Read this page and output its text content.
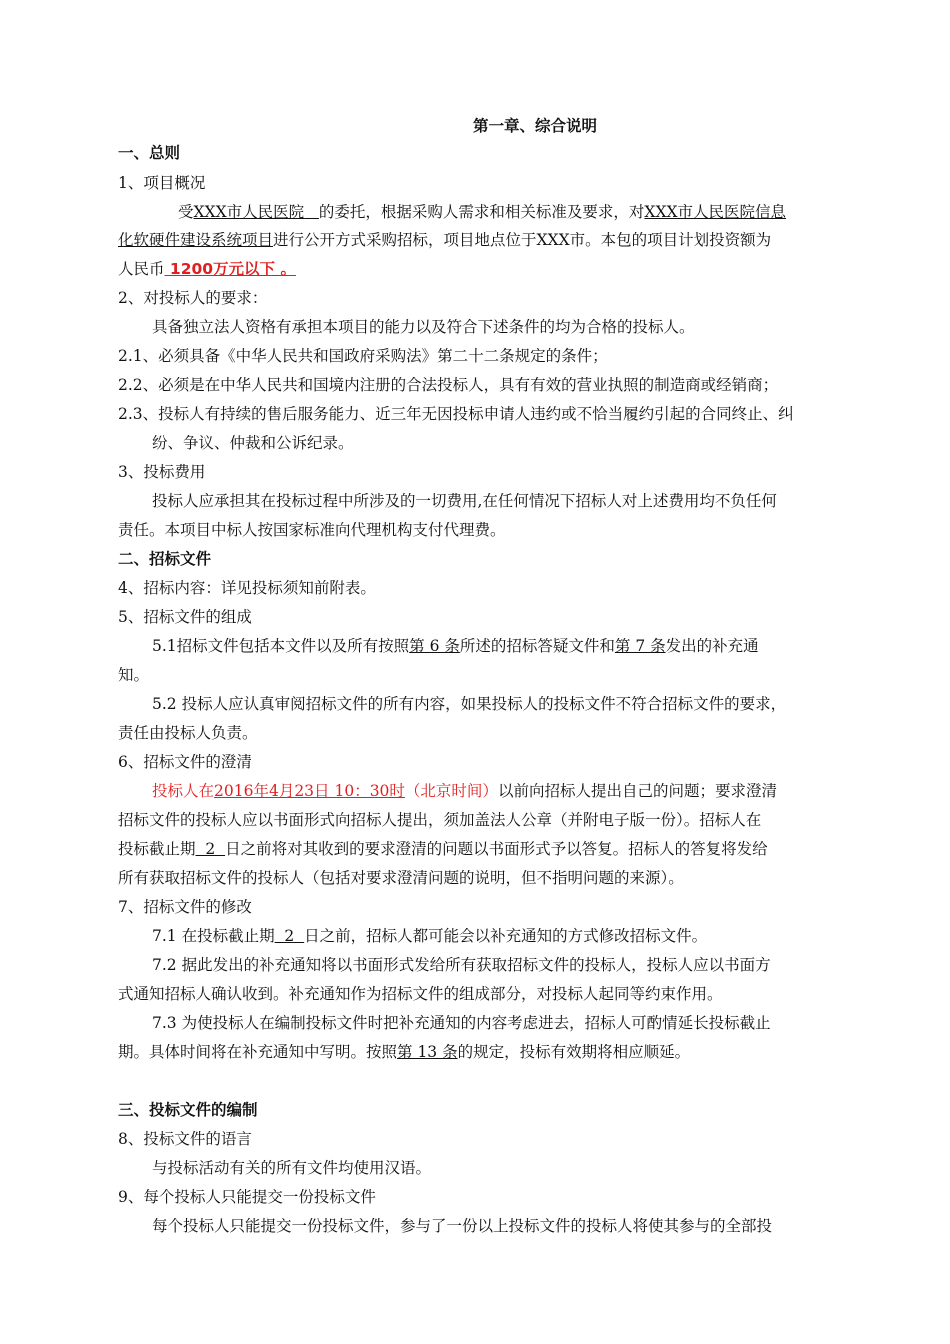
第一章、综合说明
一、总则
1、项目概况
受XXX市人民医院 的委托，根据采购人需求和相关标准及要求，对XXX市人民医院信息
化软硬件建设系统项目进行公开方式采购招标，项目地点位于XXX市。本包的项目计划投资额为
人民币 1200万元以下 。
2、对投标人的要求：
具备独立法人资格有承担本项目的能力以及符合下述条件的均为合格的投标人。
2.1、必须具备《中华人民共和国政府采购法》第二十二条规定的条件；
2.2、必须是在中华人民共和国境内注册的合法投标人，具有有效的营业执照的制造商或经销商；
2.3、投标人有持续的售后服务能力、近三年无因投标申请人违约或不恰当履约引起的合同终止、纠
纷、争议、仲裁和公诉纪录。
3、投标费用
投标人应承担其在投标过程中所涉及的一切费用,在任何情况下招标人对上述费用均不负任何
责任。本项目中标人按国家标准向代理机构支付代理费。
二、招标文件
4、招标内容：详见投标须知前附表。
5、招标文件的组成
5.1招标文件包括本文件以及所有按照第 6 条所述的招标答疑文件和第 7 条发出的补充通
知。
5.2 投标人应认真审阅招标文件的所有内容，如果投标人的投标文件不符合招标文件的要求，
责任由投标人负责。
6、招标文件的澄清
投标人在2016年4月23日 10：30时（北京时间）以前向招标人提出自己的问题；要求澄清
招标文件的投标人应以书面形式向招标人提出，须加盖法人公章（并附电子版一份）。招标人在
投标截止期  2  日之前将对其收到的要求澄清的问题以书面形式予以答复。招标人的答复将发给
所有获取招标文件的投标人（包括对要求澄清问题的说明，但不指明问题的来源）。
7、招标文件的修改
7.1 在投标截止期  2  日之前，招标人都可能会以补充通知的方式修改招标文件。
7.2 据此发出的补充通知将以书面形式发给所有获取招标文件的投标人，投标人应以书面方
式通知招标人确认收到。补充通知作为招标文件的组成部分，对投标人起同等约束作用。
7.3 为使投标人在编制投标文件时把补充通知的内容考虑进去，招标人可酌情延长投标截止
期。具体时间将在补充通知中写明。按照第 13 条的规定，投标有效期将相应顺延。
三、投标文件的编制
8、投标文件的语言
与投标活动有关的所有文件均使用汉语。
9、每个投标人只能提交一份投标文件
每个投标人只能提交一份投标文件，参与了一份以上投标文件的投标人将使其参与的全部投
